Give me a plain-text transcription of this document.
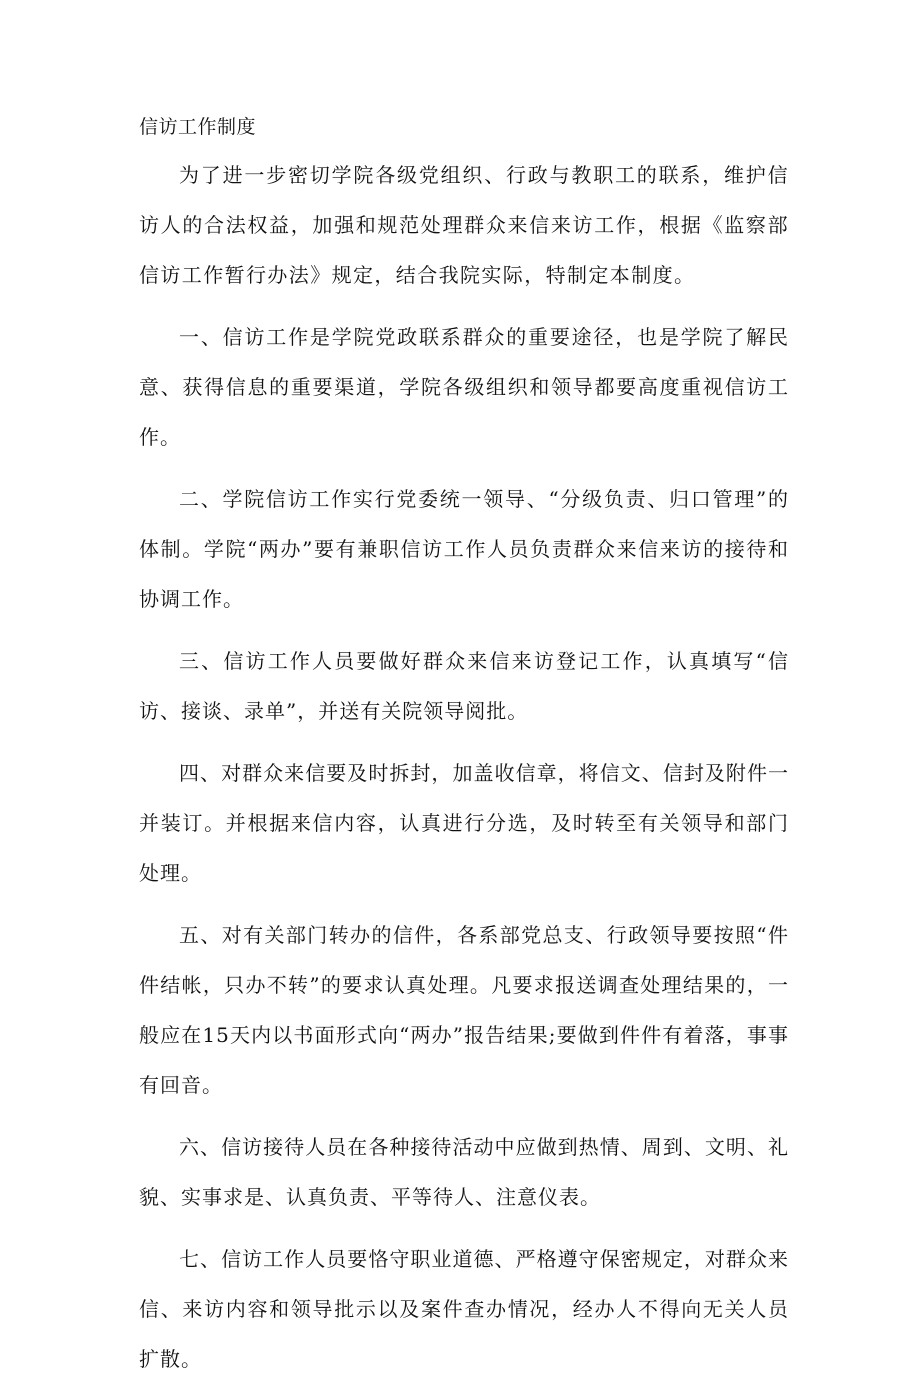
信访工作制度

为了进一步密切学院各级党组织、行政与教职工的联系，维护信访人的合法权益，加强和规范处理群众来信来访工作，根据《监察部信访工作暂行办法》规定，结合我院实际，特制定本制度。

一、信访工作是学院党政联系群众的重要途径，也是学院了解民意、获得信息的重要渠道，学院各级组织和领导都要高度重视信访工作。

二、学院信访工作实行党委统一领导、“分级负责、归口管理”的体制。学院“两办”要有兼职信访工作人员负责群众来信来访的接待和协调工作。

三、信访工作人员要做好群众来信来访登记工作，认真填写“信访、接谈、录单”，并送有关院领导阅批。

四、对群众来信要及时拆封，加盖收信章，将信文、信封及附件一并装订。并根据来信内容，认真进行分选，及时转至有关领导和部门处理。

五、对有关部门转办的信件，各系部党总支、行政领导要按照“件件结帐，只办不转”的要求认真处理。凡要求报送调查处理结果的，一般应在15天内以书面形式向“两办”报告结果;要做到件件有着落，事事有回音。

六、信访接待人员在各种接待活动中应做到热情、周到、文明、礼貌、实事求是、认真负责、平等待人、注意仪表。

七、信访工作人员要恪守职业道德、严格遵守保密规定，对群众来信、来访内容和领导批示以及案件查办情况，经办人不得向无关人员扩散。
